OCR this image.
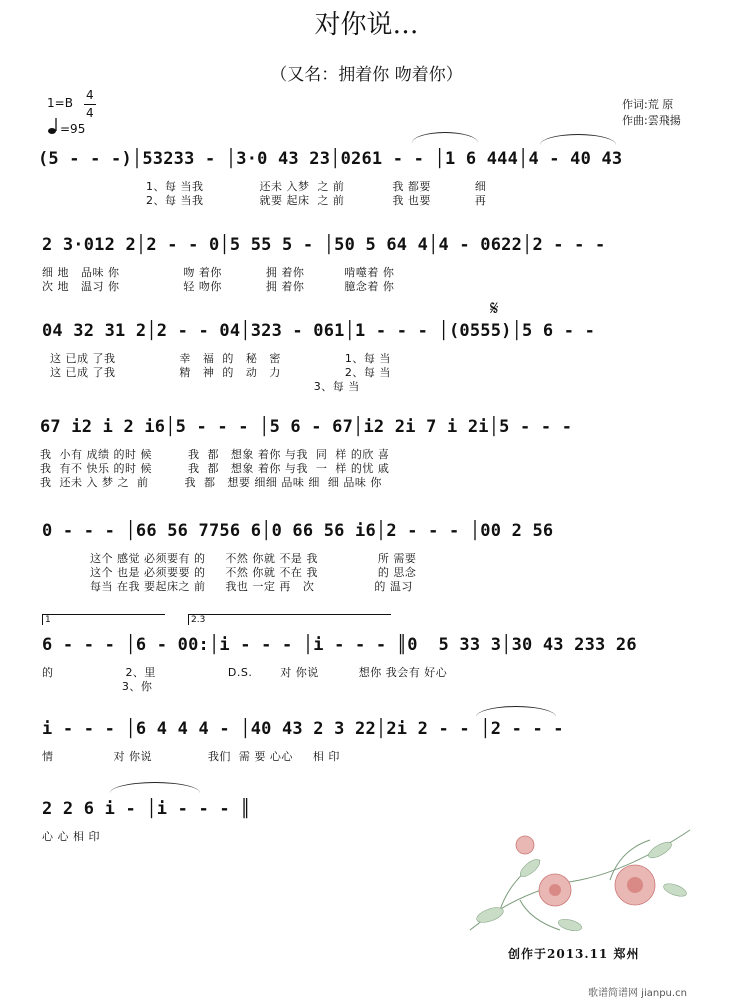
对你说…
（又名：拥着你 吻着你）
1=B
4
4
=95
作词:荒 原
作曲:雲飛揚
(5 - - -)│53233 - │3·0 43 23│0261 - - │1 6 444│4 - 40 43
1、每 当我              还未 入梦  之 前            我 都要           细
2、每 当我              就要 起床  之 前            我 也要           再
2 3·012 2│2 - - 0│5 55 5 - │50 5 64 4│4 - 0622│2 - - -
细 地   品味 你                吻 着你           拥 着你          啃噬着 你
次 地   温习 你                轻 吻你           拥 着你          臆念着 你
04 32 31 2│2 - - 04│323 - 061│1 - - - │(0555)│5 6 - -
这 已成 了我                幸   福  的   秘   密                1、每 当
这 已成 了我                精   神  的   动   力                2、每 当
3、每 当
𝄋
67 i2 i 2 i6│5 - - - │5 6 - 67│i2 2i 7 i 2i│5 - - -
我  小有 成绩 的时 候         我  都   想象 着你 与我  同  样 的欣 喜
我  有不 快乐 的时 候         我  都   想象 着你 与我  一  样 的忧 戚
我  还未 入 梦 之  前         我  都   想要 细细 品味 细  细 品味 你
0 - - - │66 56 7756 6│0 66 56 i6│2 - - - │00 2 56
这个 感觉 必须要有 的     不然 你就 不是 我               所 需要
这个 也是 必须要要 的     不然 你就 不在 我               的 思念
每当 在我 要起床之 前     我也 一定 再   次               的 温习
1	2.3
6 - - - │6 - 00:│i - - - │i - - - ║0  5 33 3│30 43 233 26
的                  2、里                  D.S.       对 你说          想你 我会有 好心
3、你
i - - - │6 4 4 4 - │40 43 2 3 22│2i 2 - - │2 - - -
情               对 你说              我们  需 要 心心     相 印
2 2 6 i - │i - - - ║
心 心 相 印
创作于2013.11 郑州
歌谱简谱网 jianpu.cn
